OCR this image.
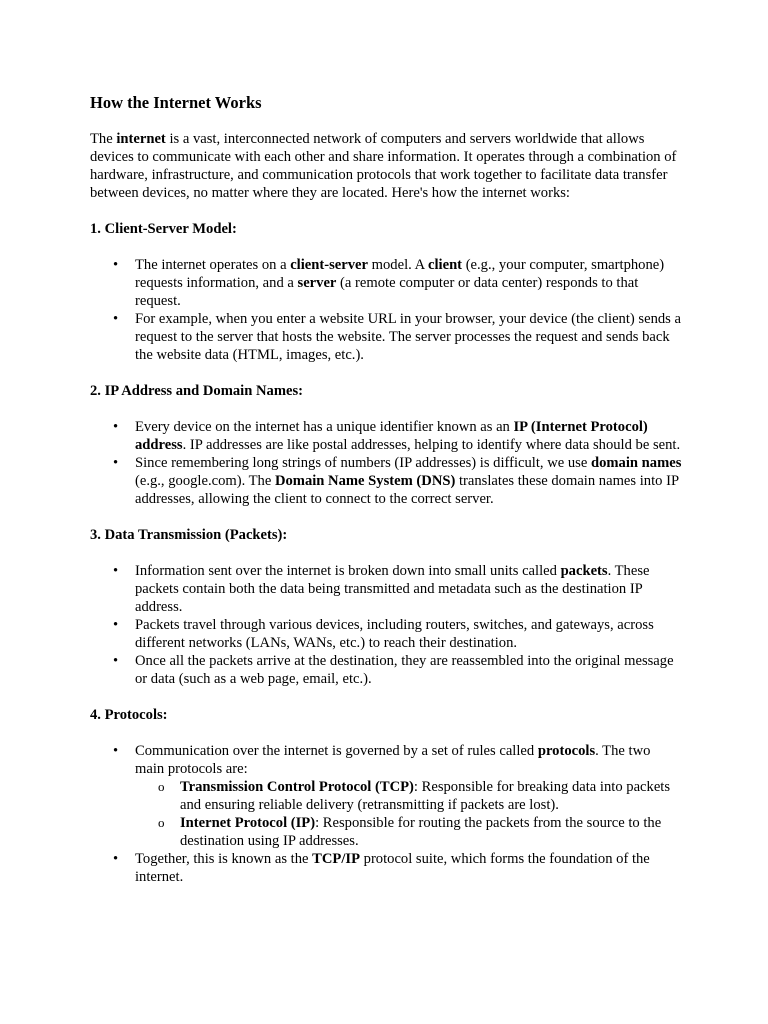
How the Internet Works

The internet is a vast, interconnected network of computers and servers worldwide that allows devices to communicate with each other and share information. It operates through a combination of hardware, infrastructure, and communication protocols that work together to facilitate data transfer between devices, no matter where they are located. Here's how the internet works:

1. Client-Server Model:
• The internet operates on a client-server model. A client (e.g., your computer, smartphone) requests information, and a server (a remote computer or data center) responds to that request.
• For example, when you enter a website URL in your browser, your device (the client) sends a request to the server that hosts the website. The server processes the request and sends back the website data (HTML, images, etc.).
2. IP Address and Domain Names:
• Every device on the internet has a unique identifier known as an IP (Internet Protocol) address. IP addresses are like postal addresses, helping to identify where data should be sent.
• Since remembering long strings of numbers (IP addresses) is difficult, we use domain names (e.g., google.com). The Domain Name System (DNS) translates these domain names into IP addresses, allowing the client to connect to the correct server.
3. Data Transmission (Packets):
• Information sent over the internet is broken down into small units called packets. These packets contain both the data being transmitted and metadata such as the destination IP address.
• Packets travel through various devices, including routers, switches, and gateways, across different networks (LANs, WANs, etc.) to reach their destination.
• Once all the packets arrive at the destination, they are reassembled into the original message or data (such as a web page, email, etc.).
4. Protocols:
• Communication over the internet is governed by a set of rules called protocols. The two main protocols are:
o Transmission Control Protocol (TCP): Responsible for breaking data into packets and ensuring reliable delivery (retransmitting if packets are lost).
o Internet Protocol (IP): Responsible for routing the packets from the source to the destination using IP addresses.
• Together, this is known as the TCP/IP protocol suite, which forms the foundation of the internet.
